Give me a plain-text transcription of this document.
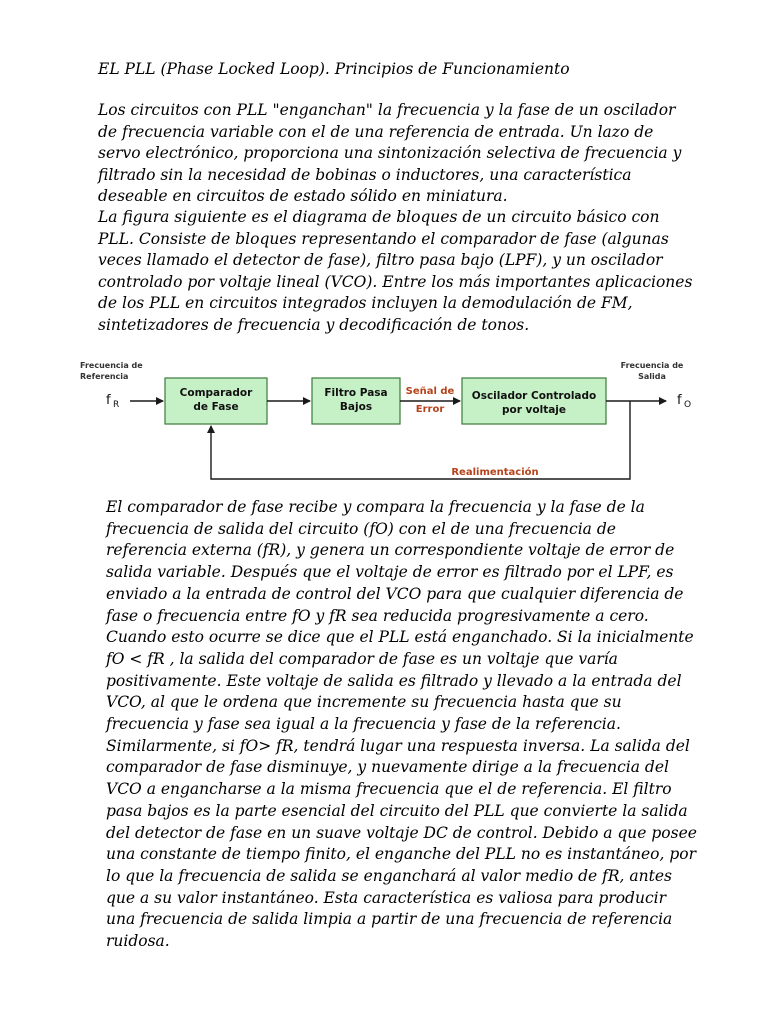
EL PLL (Phase Locked Loop). Principios de Funcionamiento

Los circuitos con PLL "enganchan" la frecuencia y la fase de un oscilador de frecuencia variable con el de una referencia de entrada. Un lazo de servo electrónico, proporciona una sintonización selectiva de frecuencia y filtrado sin la necesidad de bobinas o inductores, una característica deseable en circuitos de estado sólido en miniatura.

La figura siguiente es el diagrama de bloques de un circuito básico con PLL. Consiste de bloques representando el comparador de fase (algunas veces llamado el detector de fase), filtro pasa bajo (LPF), y un oscilador controlado por voltaje lineal (VCO). Entre los más importantes aplicaciones de los PLL en circuitos integrados incluyen la demodulación de FM, sintetizadores de frecuencia y decodificación de tonos.

Frecuencia de
Referencia
Frecuencia de
Salida
f R
Comparador
de Fase
Filtro Pasa
Bajos
Señal de
Error
Oscilador Controlado
por voltaje
f O
Realimentación

El comparador de fase recibe y compara la frecuencia y la fase de la frecuencia de salida del circuito (fO) con el de una frecuencia de referencia externa (fR), y genera un correspondiente voltaje de error de salida variable. Después que el voltaje de error es filtrado por el LPF, es enviado a la entrada de control del VCO para que cualquier diferencia de fase o frecuencia entre fO y fR sea reducida progresivamente a cero. Cuando esto ocurre se dice que el PLL está enganchado. Si la inicialmente fO < fR , la salida del comparador de fase es un voltaje que varía positivamente. Este voltaje de salida es filtrado y llevado a la entrada del VCO, al que le ordena que incremente su frecuencia hasta que su frecuencia y fase sea igual a la frecuencia y fase de la referencia. Similarmente, si fO> fR, tendrá lugar una respuesta inversa. La salida del comparador de fase disminuye, y nuevamente dirige a la frecuencia del VCO a engancharse a la misma frecuencia que el de referencia. El filtro pasa bajos es la parte esencial del circuito del PLL que convierte la salida del detector de fase en un suave voltaje DC de control. Debido a que posee una constante de tiempo finito, el enganche del PLL no es instantáneo, por lo que la frecuencia de salida se enganchará al valor medio de fR, antes que a su valor instantáneo. Esta característica es valiosa para producir una frecuencia de salida limpia a partir de una frecuencia de referencia ruidosa.
